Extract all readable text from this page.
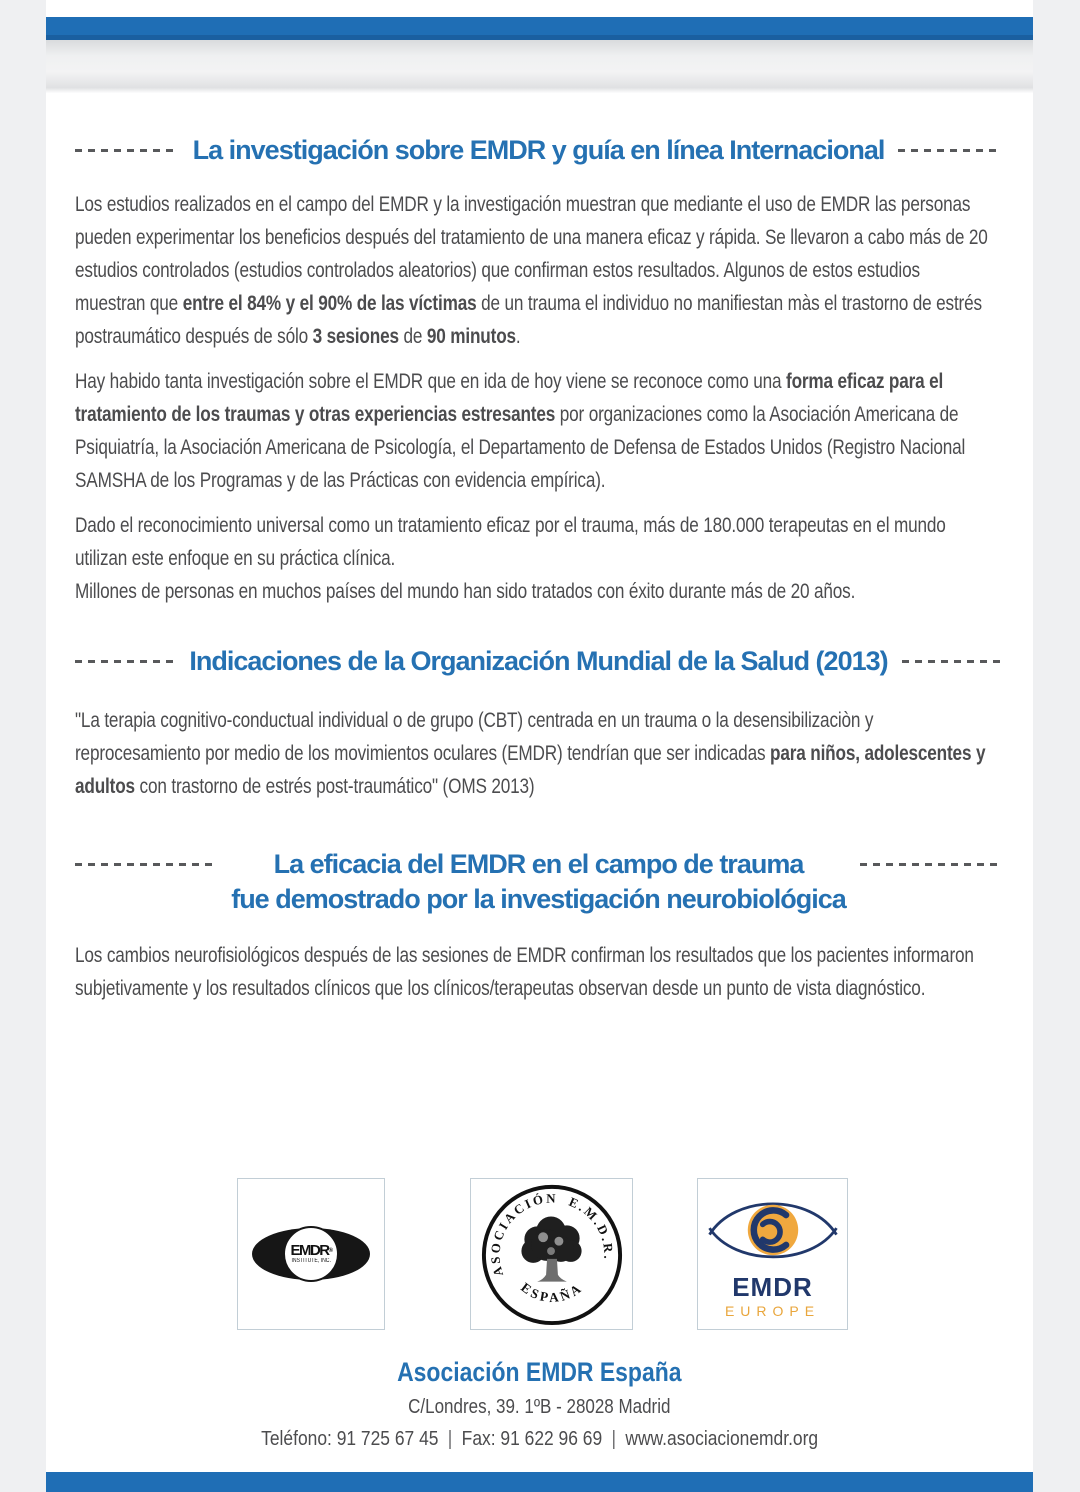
La investigación sobre EMDR y guía en línea Internacional
Los estudios realizados en el campo del EMDR y la investigación muestran que mediante el uso de EMDR las personas pueden experimentar los beneficios después del tratamiento de una manera eficaz y rápida. Se llevaron a cabo más de 20 estudios controlados (estudios controlados aleatorios) que confirman estos resultados. Algunos de estos estudios muestran que entre el 84% y el 90% de las víctimas de un trauma el individuo no manifiestan màs el trastorno de estrés postraumático después de sólo 3 sesiones de 90 minutos.
Hay habido tanta investigación sobre el EMDR que en ida de hoy viene se reconoce como una forma eficaz para el tratamiento de los traumas y otras experiencias estresantes por organizaciones como la Asociación Americana de Psiquiatría, la Asociación Americana de Psicología, el Departamento de Defensa de Estados Unidos (Registro Nacional SAMSHA de los Programas y de las Prácticas con evidencia empírica).
Dado el reconocimiento universal como un tratamiento eficaz por el trauma, más de 180.000 terapeutas en el mundo utilizan este enfoque en su práctica clínica.
Millones de personas en muchos países del mundo han sido tratados con éxito durante más de 20 años.
Indicaciones de la Organización Mundial de la Salud (2013)
"La terapia cognitivo-conductual individual o de grupo (CBT) centrada en un trauma o la desensibilizaciòn y reprocesamiento por medio de los movimientos oculares (EMDR) tendrían que ser indicadas para niños, adolescentes y adultos con trastorno de estrés post-traumático" (OMS 2013)
La eficacia del EMDR en el campo de trauma
fue demostrado por la investigación neurobiológica
Los cambios neurofisiológicos después de las sesiones de EMDR confirman los resultados que los pacientes informaron subjetivamente y los resultados clínicos que los clínicos/terapeutas observan desde un punto de vista diagnóstico.
EMDR®
INSTITUTE, INC.
ASOCIACIÓN E.M.D.R.
ESPAÑA	EMDR
EUROPE
Asociación EMDR España
C/Londres, 39. 1ºB - 28028 Madrid
Teléfono: 91 725 67 45 | Fax: 91 622 96 69 | www.asociacionemdr.org
